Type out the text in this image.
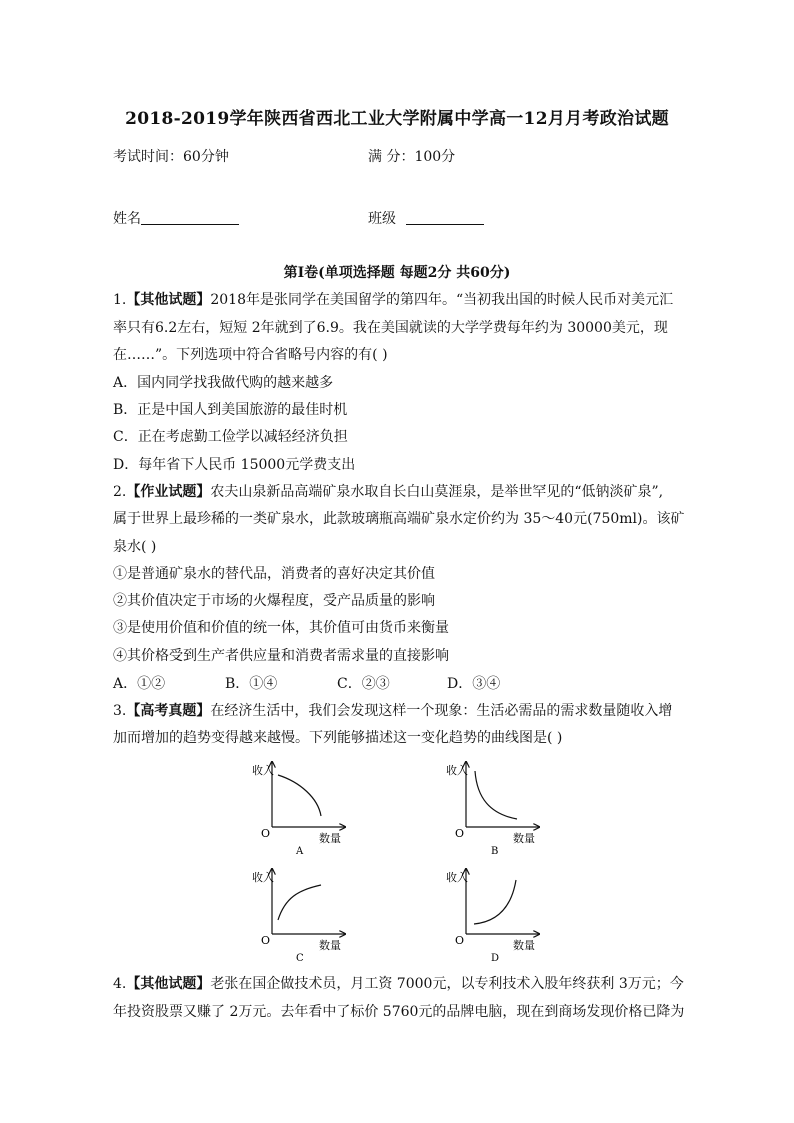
2018-2019学年陕西省西北工业大学附属中学高一12月月考政治试题
考试时间：60分钟	满 分：100分
姓名	班级
第Ⅰ卷(单项选择题 每题2分 共60分)
1.【其他试题】2018年是张同学在美国留学的第四年。“当初我出国的时候人民币对美元汇
率只有6.2左右，短短 2年就到了6.9。我在美国就读的大学学费每年约为 30000美元，现
在……”。下列选项中符合省略号内容的有( )
A．国内同学找我做代购的越来越多
B．正是中国人到美国旅游的最佳时机
C．正在考虑勤工俭学以减轻经济负担
D．每年省下人民币 15000元学费支出
2.【作业试题】农夫山泉新品高端矿泉水取自长白山莫涯泉，是举世罕见的“低钠淡矿泉”,
属于世界上最珍稀的一类矿泉水，此款玻璃瓶高端矿泉水定价约为 35～40元(750ml)。该矿
泉水( )
①是普通矿泉水的替代品，消费者的喜好决定其价值
②其价值决定于市场的火爆程度，受产品质量的影响
③是使用价值和价值的统一体，其价值可由货币来衡量
④其价格受到生产者供应量和消费者需求量的直接影响
A．①②	B．①④	C．②③	D．③④
3.【高考真题】在经济生活中，我们会发现这样一个现象：生活必需品的需求数量随收入增
加而增加的趋势变得越来越慢。下列能够描述这一变化趋势的曲线图是( )
收入
数量
O
A
收入
数量
O
B
收入
数量
O
C
收入
数量
O
D
4.【其他试题】老张在国企做技术员，月工资 7000元，以专利技术入股年终获利 3万元；今
年投资股票又赚了 2万元。去年看中了标价 5760元的品牌电脑，现在到商场发现价格已降为
